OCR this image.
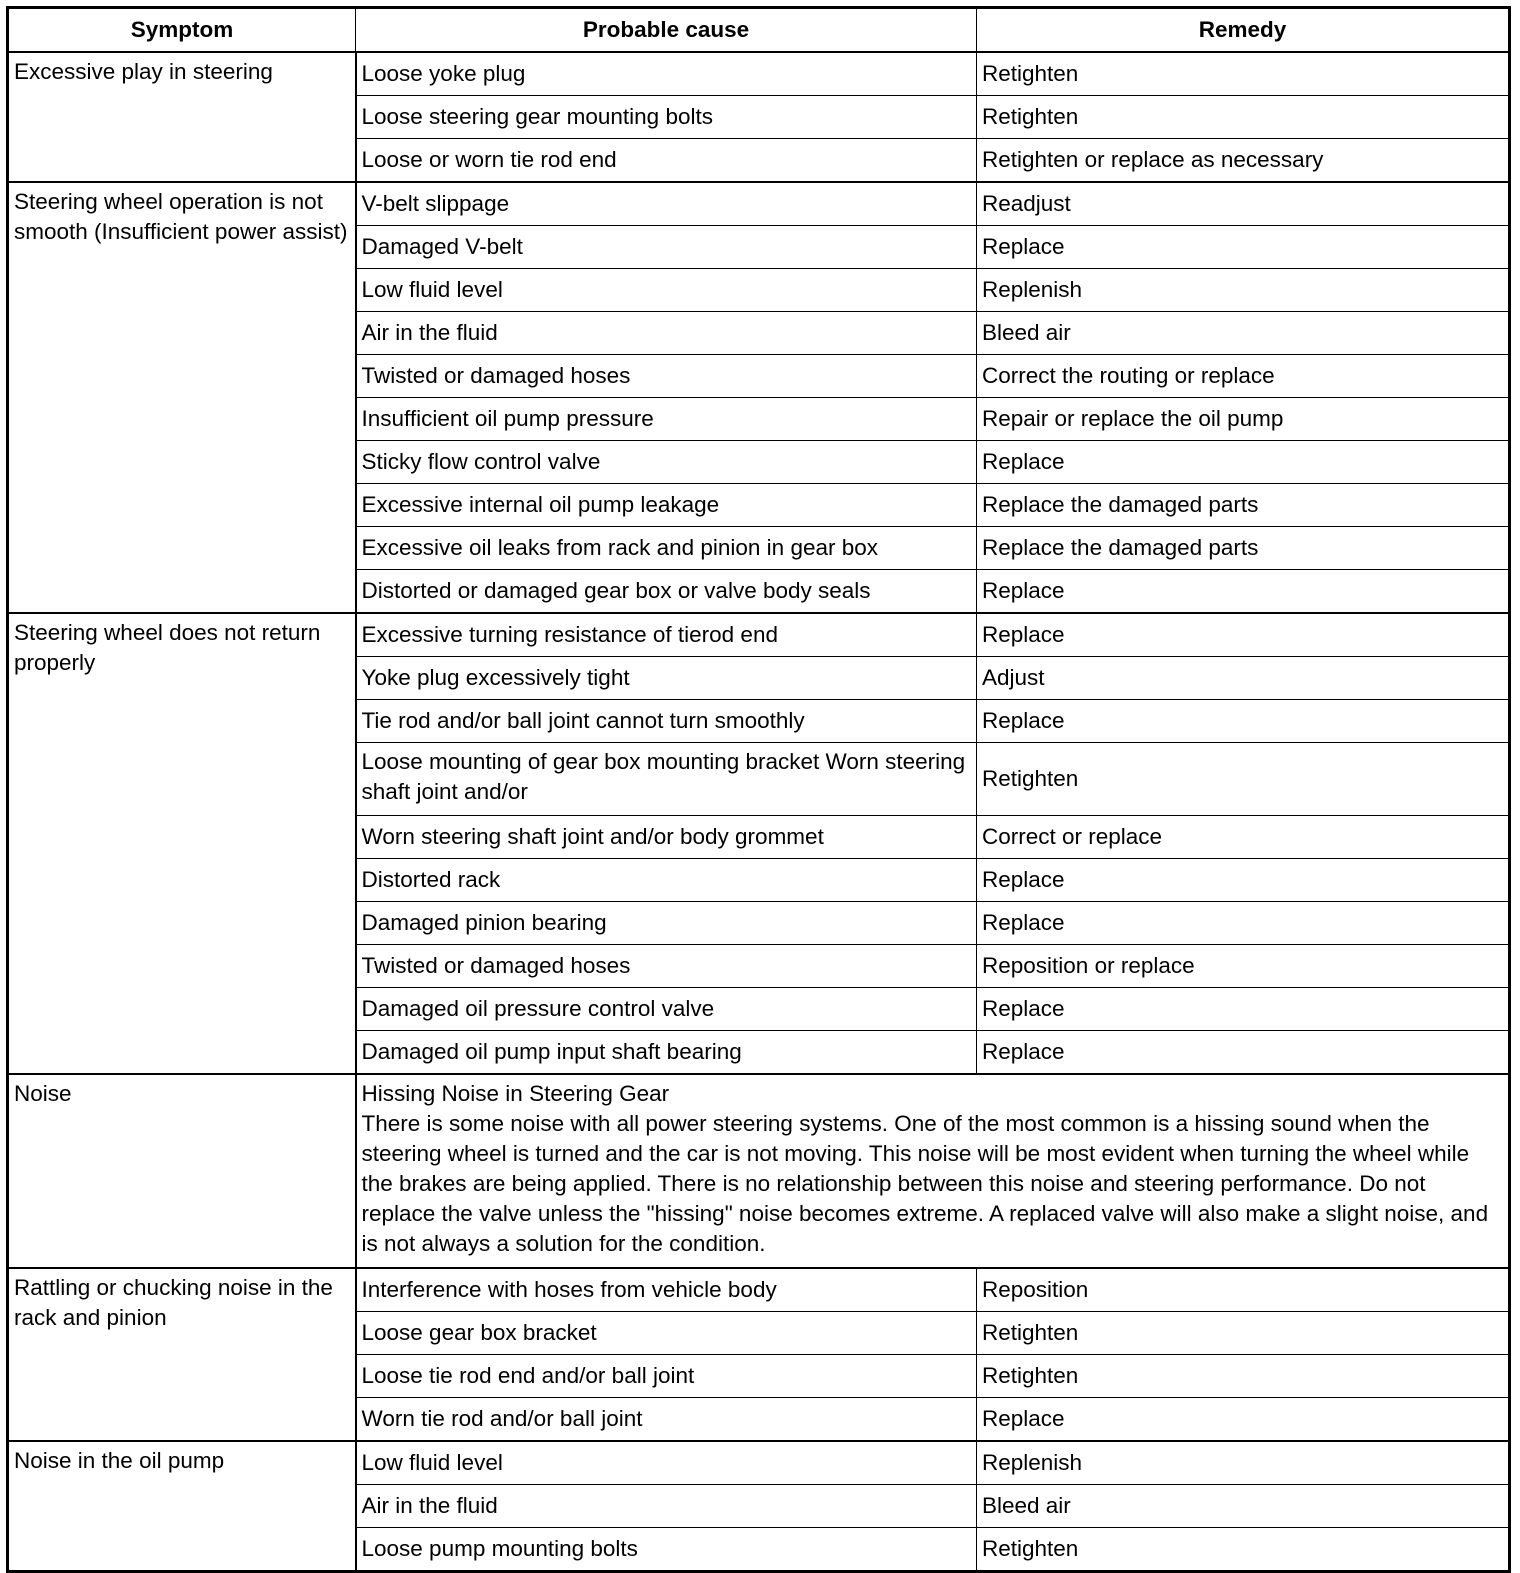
Symptom	Probable cause	Remedy
Excessive play in steering	Loose yoke plug	Retighten
	Loose steering gear mounting bolts	Retighten
	Loose or worn tie rod end	Retighten or replace as necessary
Steering wheel operation is not smooth (Insufficient power assist)	V-belt slippage	Readjust
	Damaged V-belt	Replace
	Low fluid level	Replenish
	Air in the fluid	Bleed air
	Twisted or damaged hoses	Correct the routing or replace
	Insufficient oil pump pressure	Repair or replace the oil pump
	Sticky flow control valve	Replace
	Excessive internal oil pump leakage	Replace the damaged parts
	Excessive oil leaks from rack and pinion in gear box	Replace the damaged parts
	Distorted or damaged gear box or valve body seals	Replace
Steering wheel does not return properly	Excessive turning resistance of tierod end	Replace
	Yoke plug excessively tight	Adjust
	Tie rod and/or ball joint cannot turn smoothly	Replace
	Loose mounting of gear box mounting bracket Worn steering shaft joint and/or	Retighten
	Worn steering shaft joint and/or body grommet	Correct or replace
	Distorted rack	Replace
	Damaged pinion bearing	Replace
	Twisted or damaged hoses	Reposition or replace
	Damaged oil pressure control valve	Replace
	Damaged oil pump input shaft bearing	Replace
Noise	Hissing Noise in Steering Gear
There is some noise with all power steering systems. One of the most common is a hissing sound when the steering wheel is turned and the car is not moving. This noise will be most evident when turning the wheel while the brakes are being applied. There is no relationship between this noise and steering performance. Do not replace the valve unless the "hissing" noise becomes extreme. A replaced valve will also make a slight noise, and is not always a solution for the condition.	

Rattling or chucking noise in the rack and pinion	Interference with hoses from vehicle body	Reposition
	Loose gear box bracket	Retighten
	Loose tie rod end and/or ball joint	Retighten
	Worn tie rod and/or ball joint	Replace
Noise in the oil pump	Low fluid level	Replenish
	Air in the fluid	Bleed air
	Loose pump mounting bolts	Retighten
